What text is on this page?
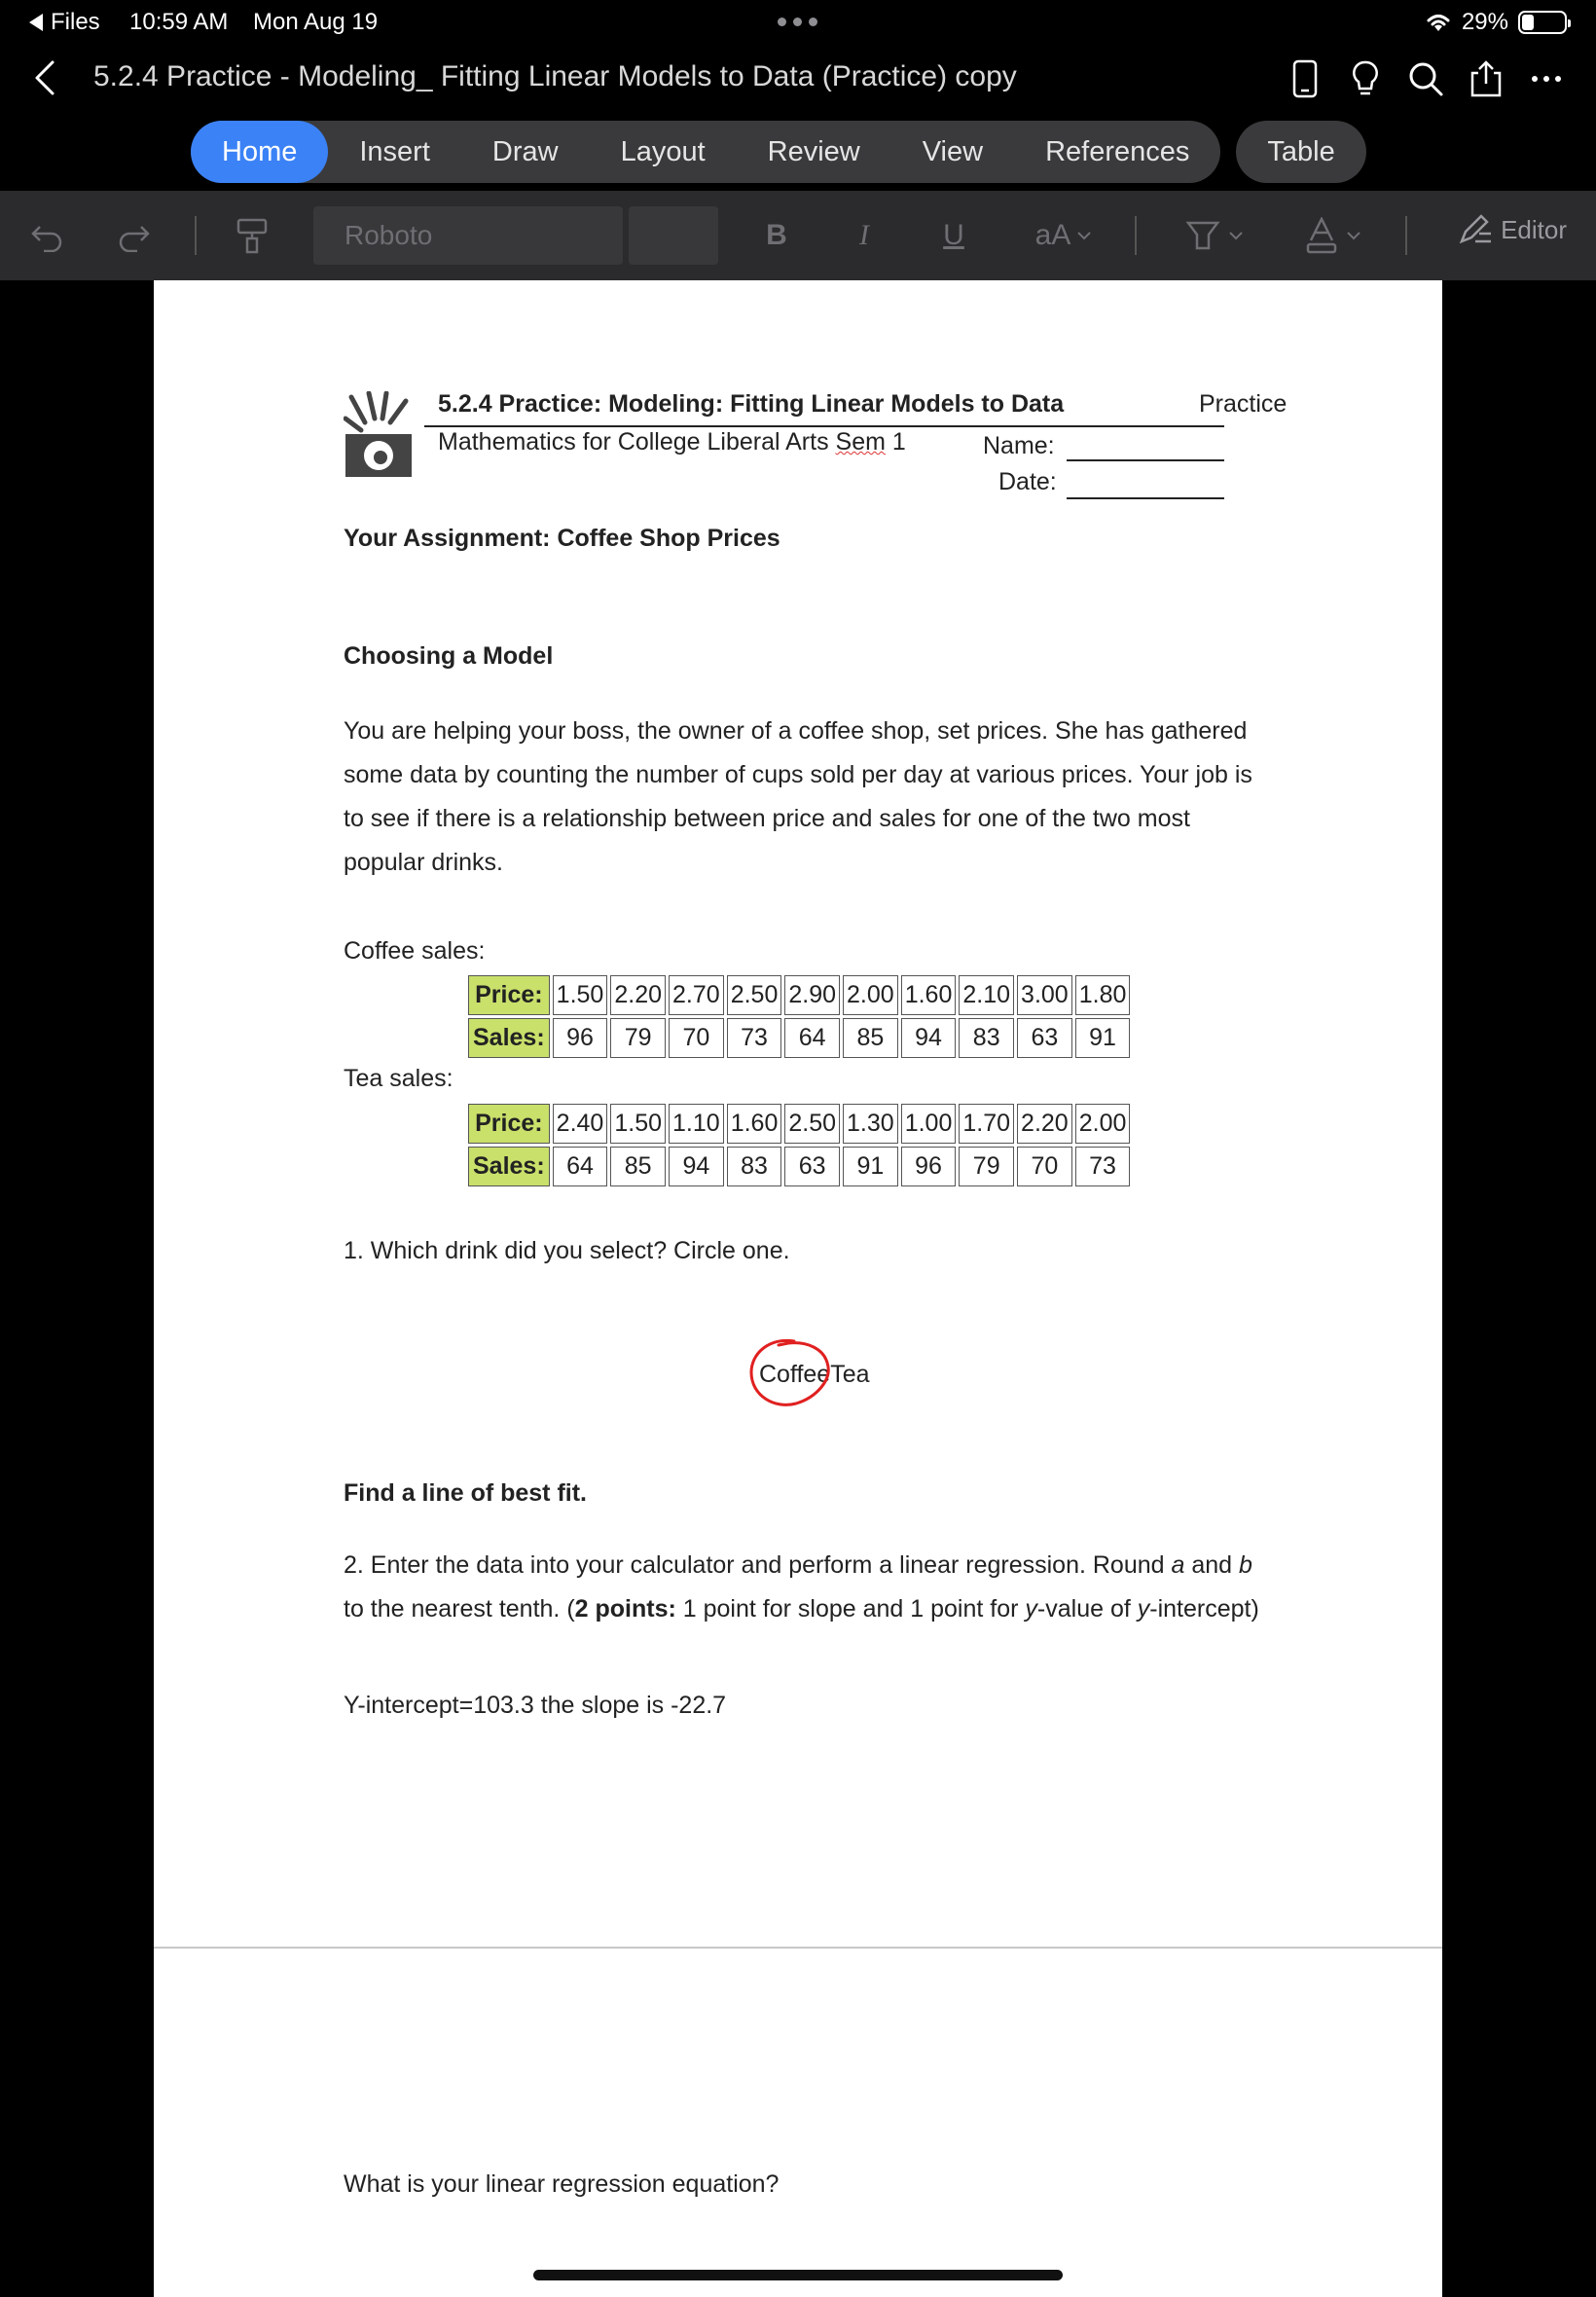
Files 10:59 AM Mon Aug 19	29%
5.2.4 Practice - Modeling_ Fitting Linear Models to Data (Practice) copy
Home	Insert	Draw	Layout	Review	View	References	Table
Roboto	B	I	U	aA	Editor
5.2.4 Practice: Modeling: Fitting Linear Models to Data	Practice
Mathematics for College Liberal Arts Sem 1	Name:
Date:
Your Assignment: Coffee Shop Prices
Choosing a Model
You are helping your boss, the owner of a coffee shop, set prices. She has gathered
some data by counting the number of cups sold per day at various prices. Your job is
to see if there is a relationship between price and sales for one of the two most
popular drinks.
Coffee sales:
Price:	1.50	2.20	2.70	2.50	2.90	2.00	1.60	2.10	3.00	1.80
Sales:	96	79	70	73	64	85	94	83	63	91
Tea sales:
Price:	2.40	1.50	1.10	1.60	2.50	1.30	1.00	1.70	2.20	2.00
Sales:	64	85	94	83	63	91	96	79	70	73
1. Which drink did you select? Circle one.
Coffee Tea
Find a line of best fit.
2. Enter the data into your calculator and perform a linear regression. Round a and b
to the nearest tenth. (2 points: 1 point for slope and 1 point for y-value of y-intercept)
Y-intercept=103.3 the slope is -22.7
What is your linear regression equation?
